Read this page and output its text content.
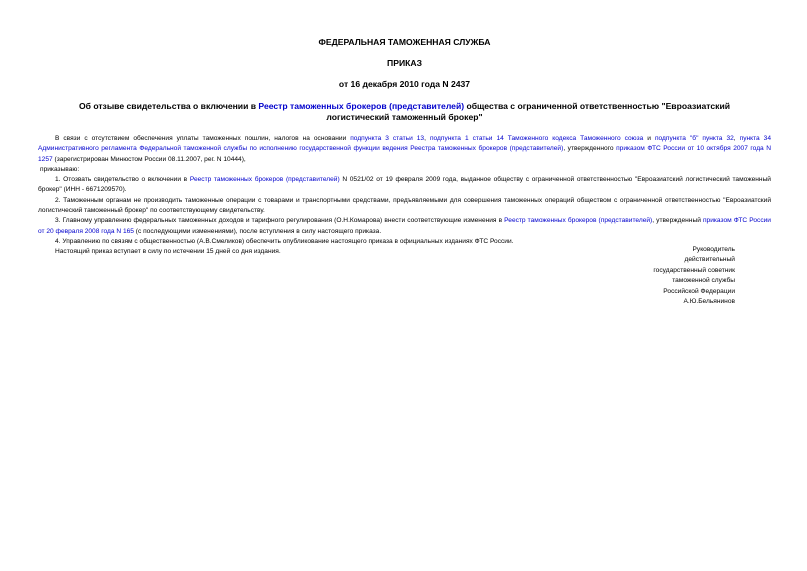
ФЕДЕРАЛЬНАЯ ТАМОЖЕННАЯ СЛУЖБА

ПРИКАЗ

от 16 декабря 2010 года N 2437

Об отзыве свидетельства о включении в Реестр таможенных брокеров (представителей) общества с ограниченной ответственностью "Евроазиатский логистический таможенный брокер"

В связи с отсутствием обеспечения уплаты таможенных пошлин, налогов на основании подпункта 3 статьи 13, подпункта 1 статьи 14 Таможенного кодекса Таможенного союза и подпункта "б" пункта 32, пункта 34 Административного регламента Федеральной таможенной службы по исполнению государственной функции ведения Реестра таможенных брокеров (представителей), утвержденного приказом ФТС России от 10 октября 2007 года N 1257 (зарегистрирован Минюстом России 08.11.2007, рег. N 10444),

приказываю:

1. Отозвать свидетельство о включении в Реестр таможенных брокеров (представителей) N 0521/02 от 19 февраля 2009 года, выданное обществу с ограниченной ответственностью "Евроазиатский логистический таможенный брокер" (ИНН - 6671209570).

2. Таможенным органам не производить таможенные операции с товарами и транспортными средствами, предъявляемыми для совершения таможенных операций обществом с ограниченной ответственностью "Евроазиатский логистический таможенный брокер" по соответствующему свидетельству.

3. Главному управлению федеральных таможенных доходов и тарифного регулирования (О.Н.Комарова) внести соответствующие изменения в Реестр таможенных брокеров (представителей), утвержденный приказом ФТС России от 20 февраля 2008 года N 165 (с последующими изменениями), после вступления в силу настоящего приказа.

4. Управлению по связям с общественностью (А.В.Смеликов) обеспечить опубликование настоящего приказа в официальных изданиях ФТС России.

Настоящий приказ вступает в силу по истечении 15 дней со дня издания.	Руководитель
действительный
государственный советник
таможенной службы
Российской Федерации
А.Ю.Бельянинов
